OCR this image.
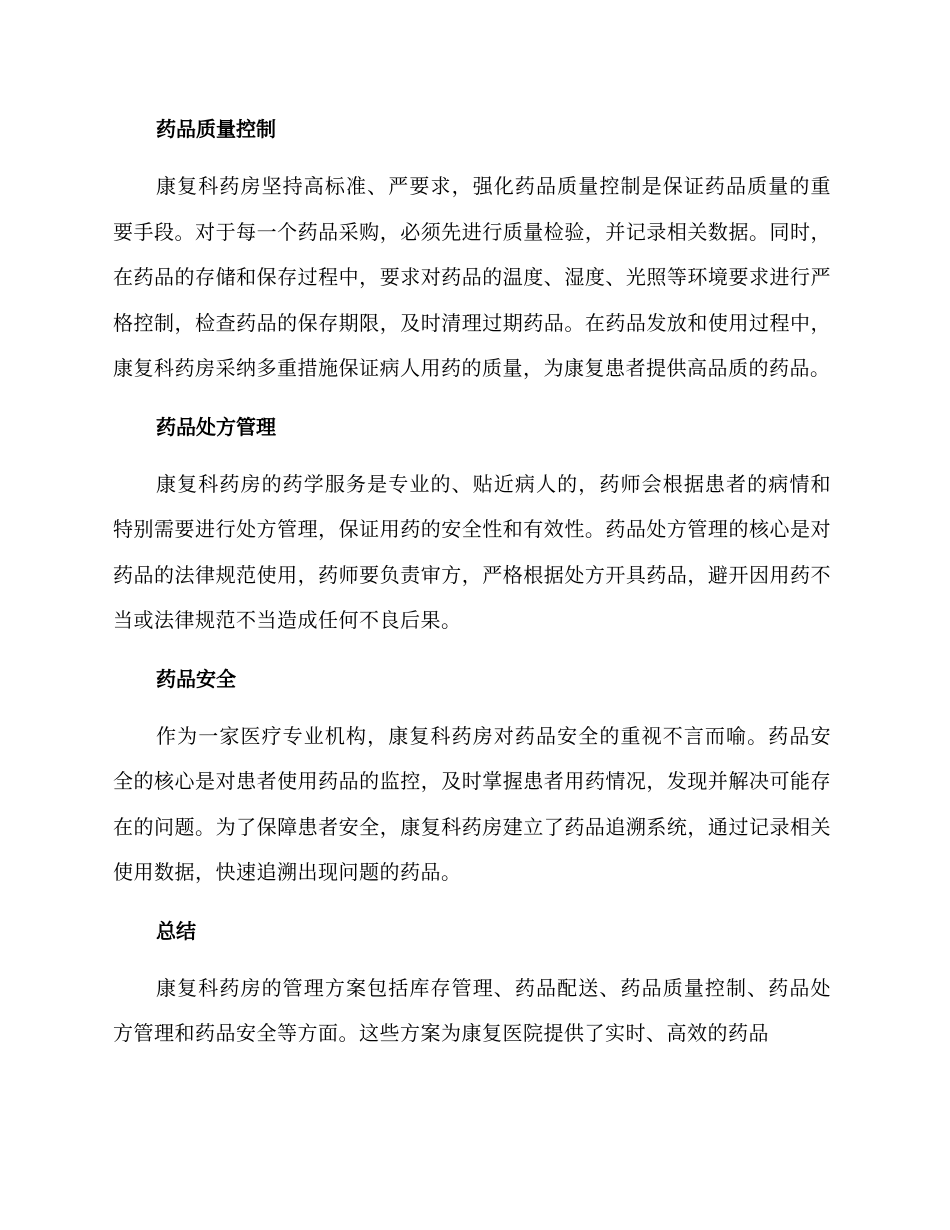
药品质量控制

康复科药房坚持高标准、严要求，强化药品质量控制是保证药品质量的重要手段。对于每一个药品采购，必须先进行质量检验，并记录相关数据。同时，在药品的存储和保存过程中，要求对药品的温度、湿度、光照等环境要求进行严格控制，检查药品的保存期限，及时清理过期药品。在药品发放和使用过程中，康复科药房采纳多重措施保证病人用药的质量，为康复患者提供高品质的药品。

药品处方管理

康复科药房的药学服务是专业的、贴近病人的，药师会根据患者的病情和特别需要进行处方管理，保证用药的安全性和有效性。药品处方管理的核心是对药品的法律规范使用，药师要负责审方，严格根据处方开具药品，避开因用药不当或法律规范不当造成任何不良后果。

药品安全

作为一家医疗专业机构，康复科药房对药品安全的重视不言而喻。药品安全的核心是对患者使用药品的监控，及时掌握患者用药情况，发现并解决可能存在的问题。为了保障患者安全，康复科药房建立了药品追溯系统，通过记录相关使用数据，快速追溯出现问题的药品。

总结

康复科药房的管理方案包括库存管理、药品配送、药品质量控制、药品处方管理和药品安全等方面。这些方案为康复医院提供了实时、高效的药品
